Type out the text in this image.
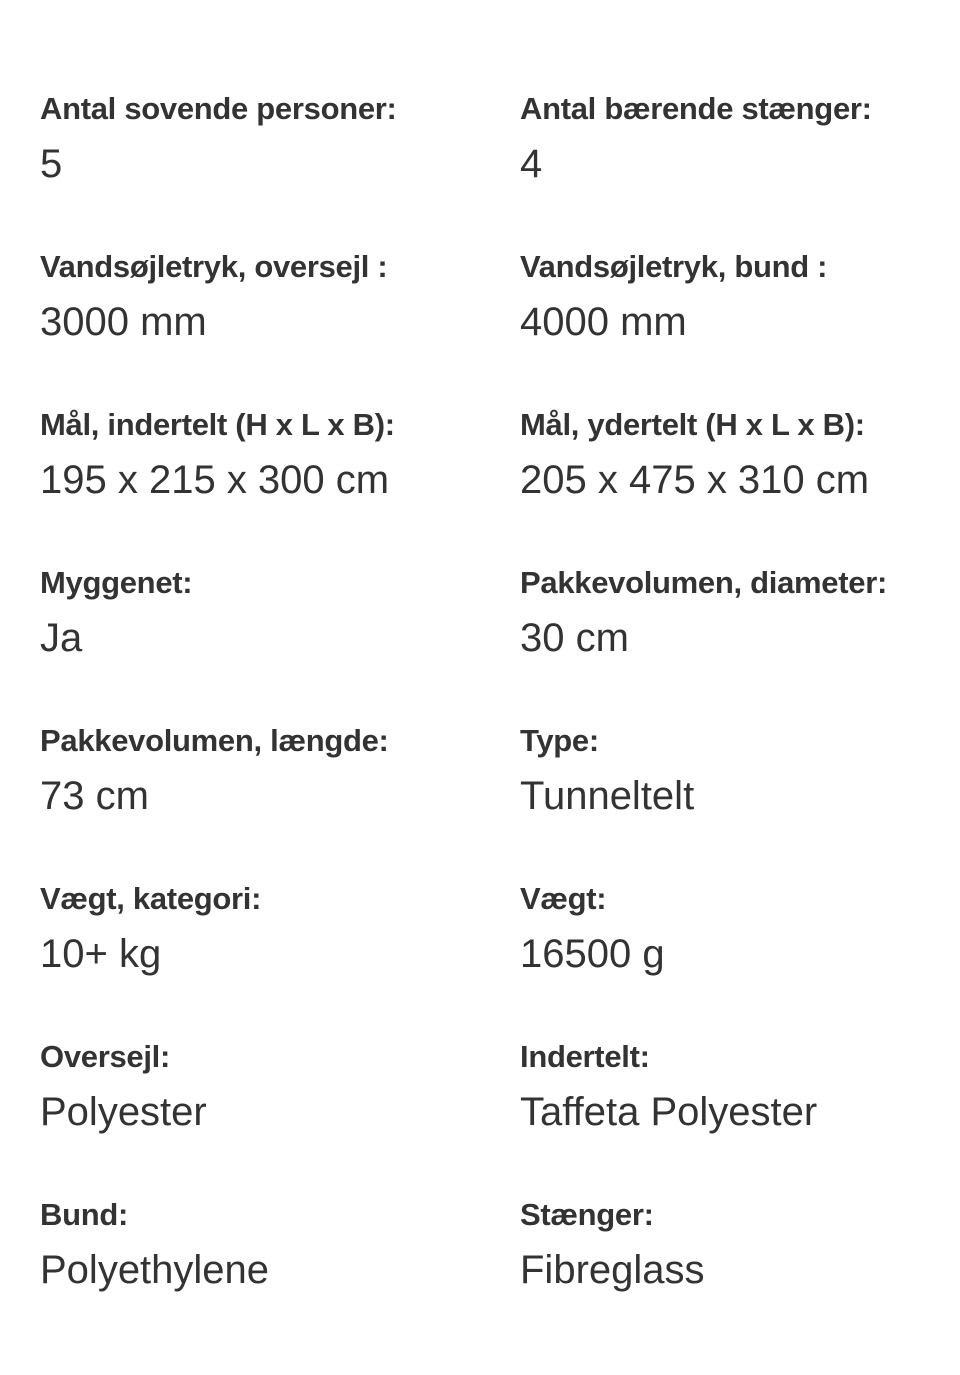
Antal sovende personer:
5
Antal bærende stænger:
4
Vandsøjletryk, oversejl :
3000 mm
Vandsøjletryk, bund :
4000 mm
Mål, indertelt (H x L x B):
195 x 215 x 300 cm
Mål, ydertelt (H x L x B):
205 x 475 x 310 cm
Myggenet:
Ja
Pakkevolumen, diameter:
30 cm
Pakkevolumen, længde:
73 cm
Type:
Tunneltelt
Vægt, kategori:
10+ kg
Vægt:
16500 g
Oversejl:
Polyester
Indertelt:
Taffeta Polyester
Bund:
Polyethylene
Stænger:
Fibreglass
